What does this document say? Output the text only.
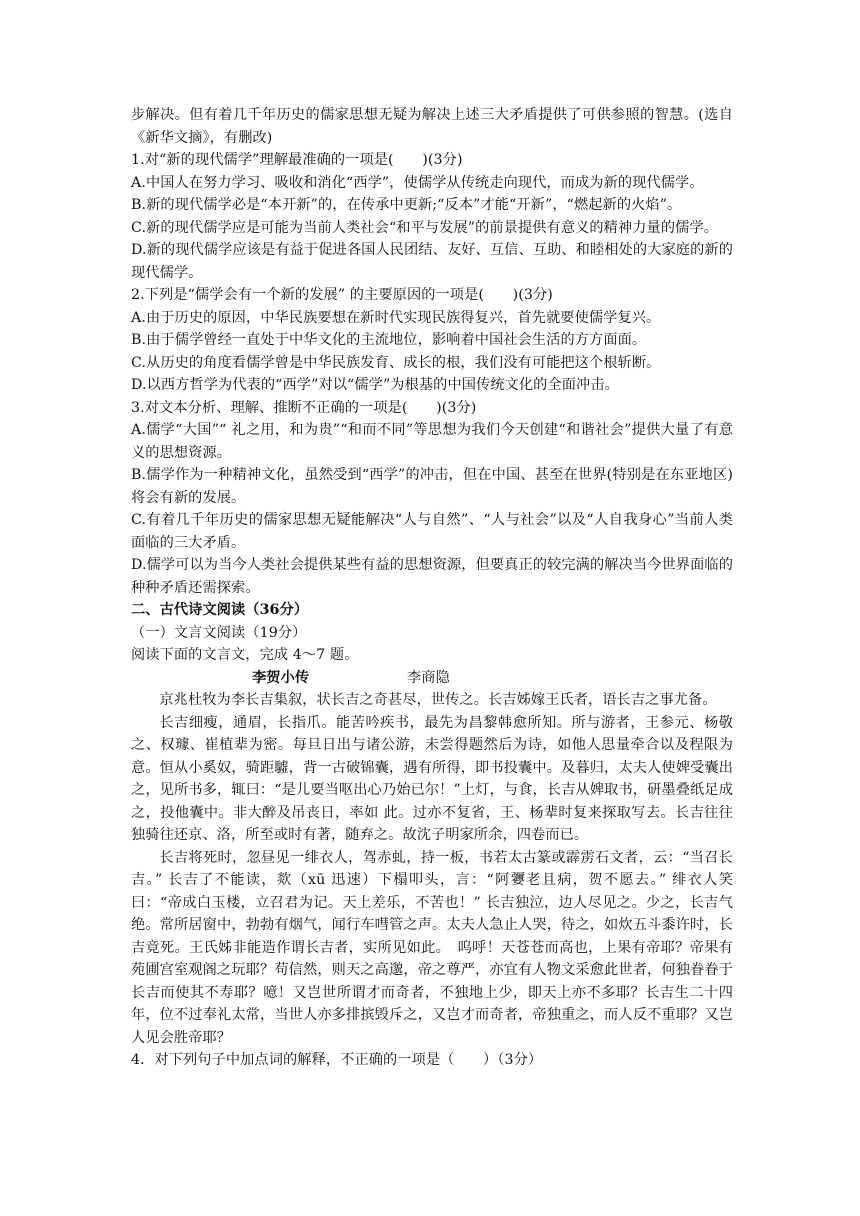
步解决。但有着几千年历史的儒家思想无疑为解决上述三大矛盾提供了可供参照的智慧。(选自《新华文摘》，有删改)

1.对“新的现代儒学”理解最准确的一项是(　　)(3分)

A.中国人在努力学习、吸收和消化“西学”，使儒学从传统走向现代，而成为新的现代儒学。

B.新的现代儒学必是“本开新”的，在传承中更新;“反本”才能“开新”，“燃起新的火焰”。

C.新的现代儒学应是可能为当前人类社会“和平与发展”的前景提供有意义的精神力量的儒学。

D.新的现代儒学应该是有益于促进各国人民团结、友好、互信、互助、和睦相处的大家庭的新的现代儒学。

2.下列是“儒学会有一个新的发展” 的主要原因的一项是(　　)(3分)

A.由于历史的原因，中华民族要想在新时代实现民族得复兴，首先就要使儒学复兴。

B.由于儒学曾经一直处于中华文化的主流地位，影响着中国社会生活的方方面面。

C.从历史的角度看儒学曾是中华民族发育、成长的根，我们没有可能把这个根斩断。

D.以西方哲学为代表的“西学”对以“儒学”为根基的中国传统文化的全面冲击。

3.对文本分析、理解、推断不正确的一项是(　　)(3分)

A.儒学“大国”“ 礼之用，和为贵”“和而不同”等思想为我们今天创建“和谐社会”提供大量了有意义的思想资源。

B.儒学作为一种精神文化，虽然受到“西学”的冲击，但在中国、甚至在世界(特别是在东亚地区)将会有新的发展。

C.有着几千年历史的儒家思想无疑能解决“人与自然”、“人与社会”以及“人自我身心”当前人类面临的三大矛盾。

D.儒学可以为当今人类社会提供某些有益的思想资源，但要真正的较完满的解决当今世界面临的种种矛盾还需探索。

二、古代诗文阅读（36分）

（一）文言文阅读（19分）

阅读下面的文言文，完成 4～7 题。

李贺小传	李商隐

京兆杜牧为李长吉集叙，状长吉之奇甚尽，世传之。长吉姊嫁王氏者，语长吉之事尤备。

长吉细瘦，通眉，长指爪。能苦吟疾书，最先为昌黎韩愈所知。所与游者，王参元、杨敬之、权璩、崔植辈为密。每旦日出与诸公游，未尝得题然后为诗，如他人思量牵合以及程限为意。恒从小奚奴，骑距驉，背一古破锦囊，遇有所得，即书投囊中。及暮归，太夫人使婢受囊出之，见所书多，辄曰：“是儿要当呕出心乃始已尔！”上灯，与食，长吉从婢取书，研墨叠纸足成之，投他囊中。非大醉及吊丧日，率如 此。过亦不复省，王、杨辈时复来探取写去。长吉往往独骑往还京、洛，所至或时有著，随弃之。故沈子明家所余，四卷而已。

长吉将死时，忽昼见一绯衣人，驾赤虬，持一板，书若太古篆或霹雳石文者，云：“当召长吉。” 长吉了不能读，欻（xū 迅速）下榻叩头，言：“阿㜷老且病，贺不愿去。” 绯衣人笑曰：“帝成白玉楼，立召君为记。天上差乐，不苦也！” 长吉独泣，边人尽见之。少之，长吉气绝。常所居窗中，勃勃有烟气，闻行车嘒管之声。太夫人急止人哭，待之，如炊五斗黍许时，长吉竟死。王氏姊非能造作谓长吉者，实所见如此。　呜呼！天苍苍而高也，上果有帝耶？帝果有苑圃宫室观阁之玩耶？苟信然，则天之高邈，帝之尊严，亦宜有人物文采愈此世者，何独眷眷于长吉而使其不寿耶？噫！又岂世所谓才而奇者，不独地上少，即天上亦不多耶？长吉生二十四年，位不过奉礼太常，当世人亦多排摈毁斥之，又岂才而奇者，帝独重之，而人反不重耶？又岂人见会胜帝耶？

4．对下列句子中加点词的解释，不正确的一项是（　　）（3分）
